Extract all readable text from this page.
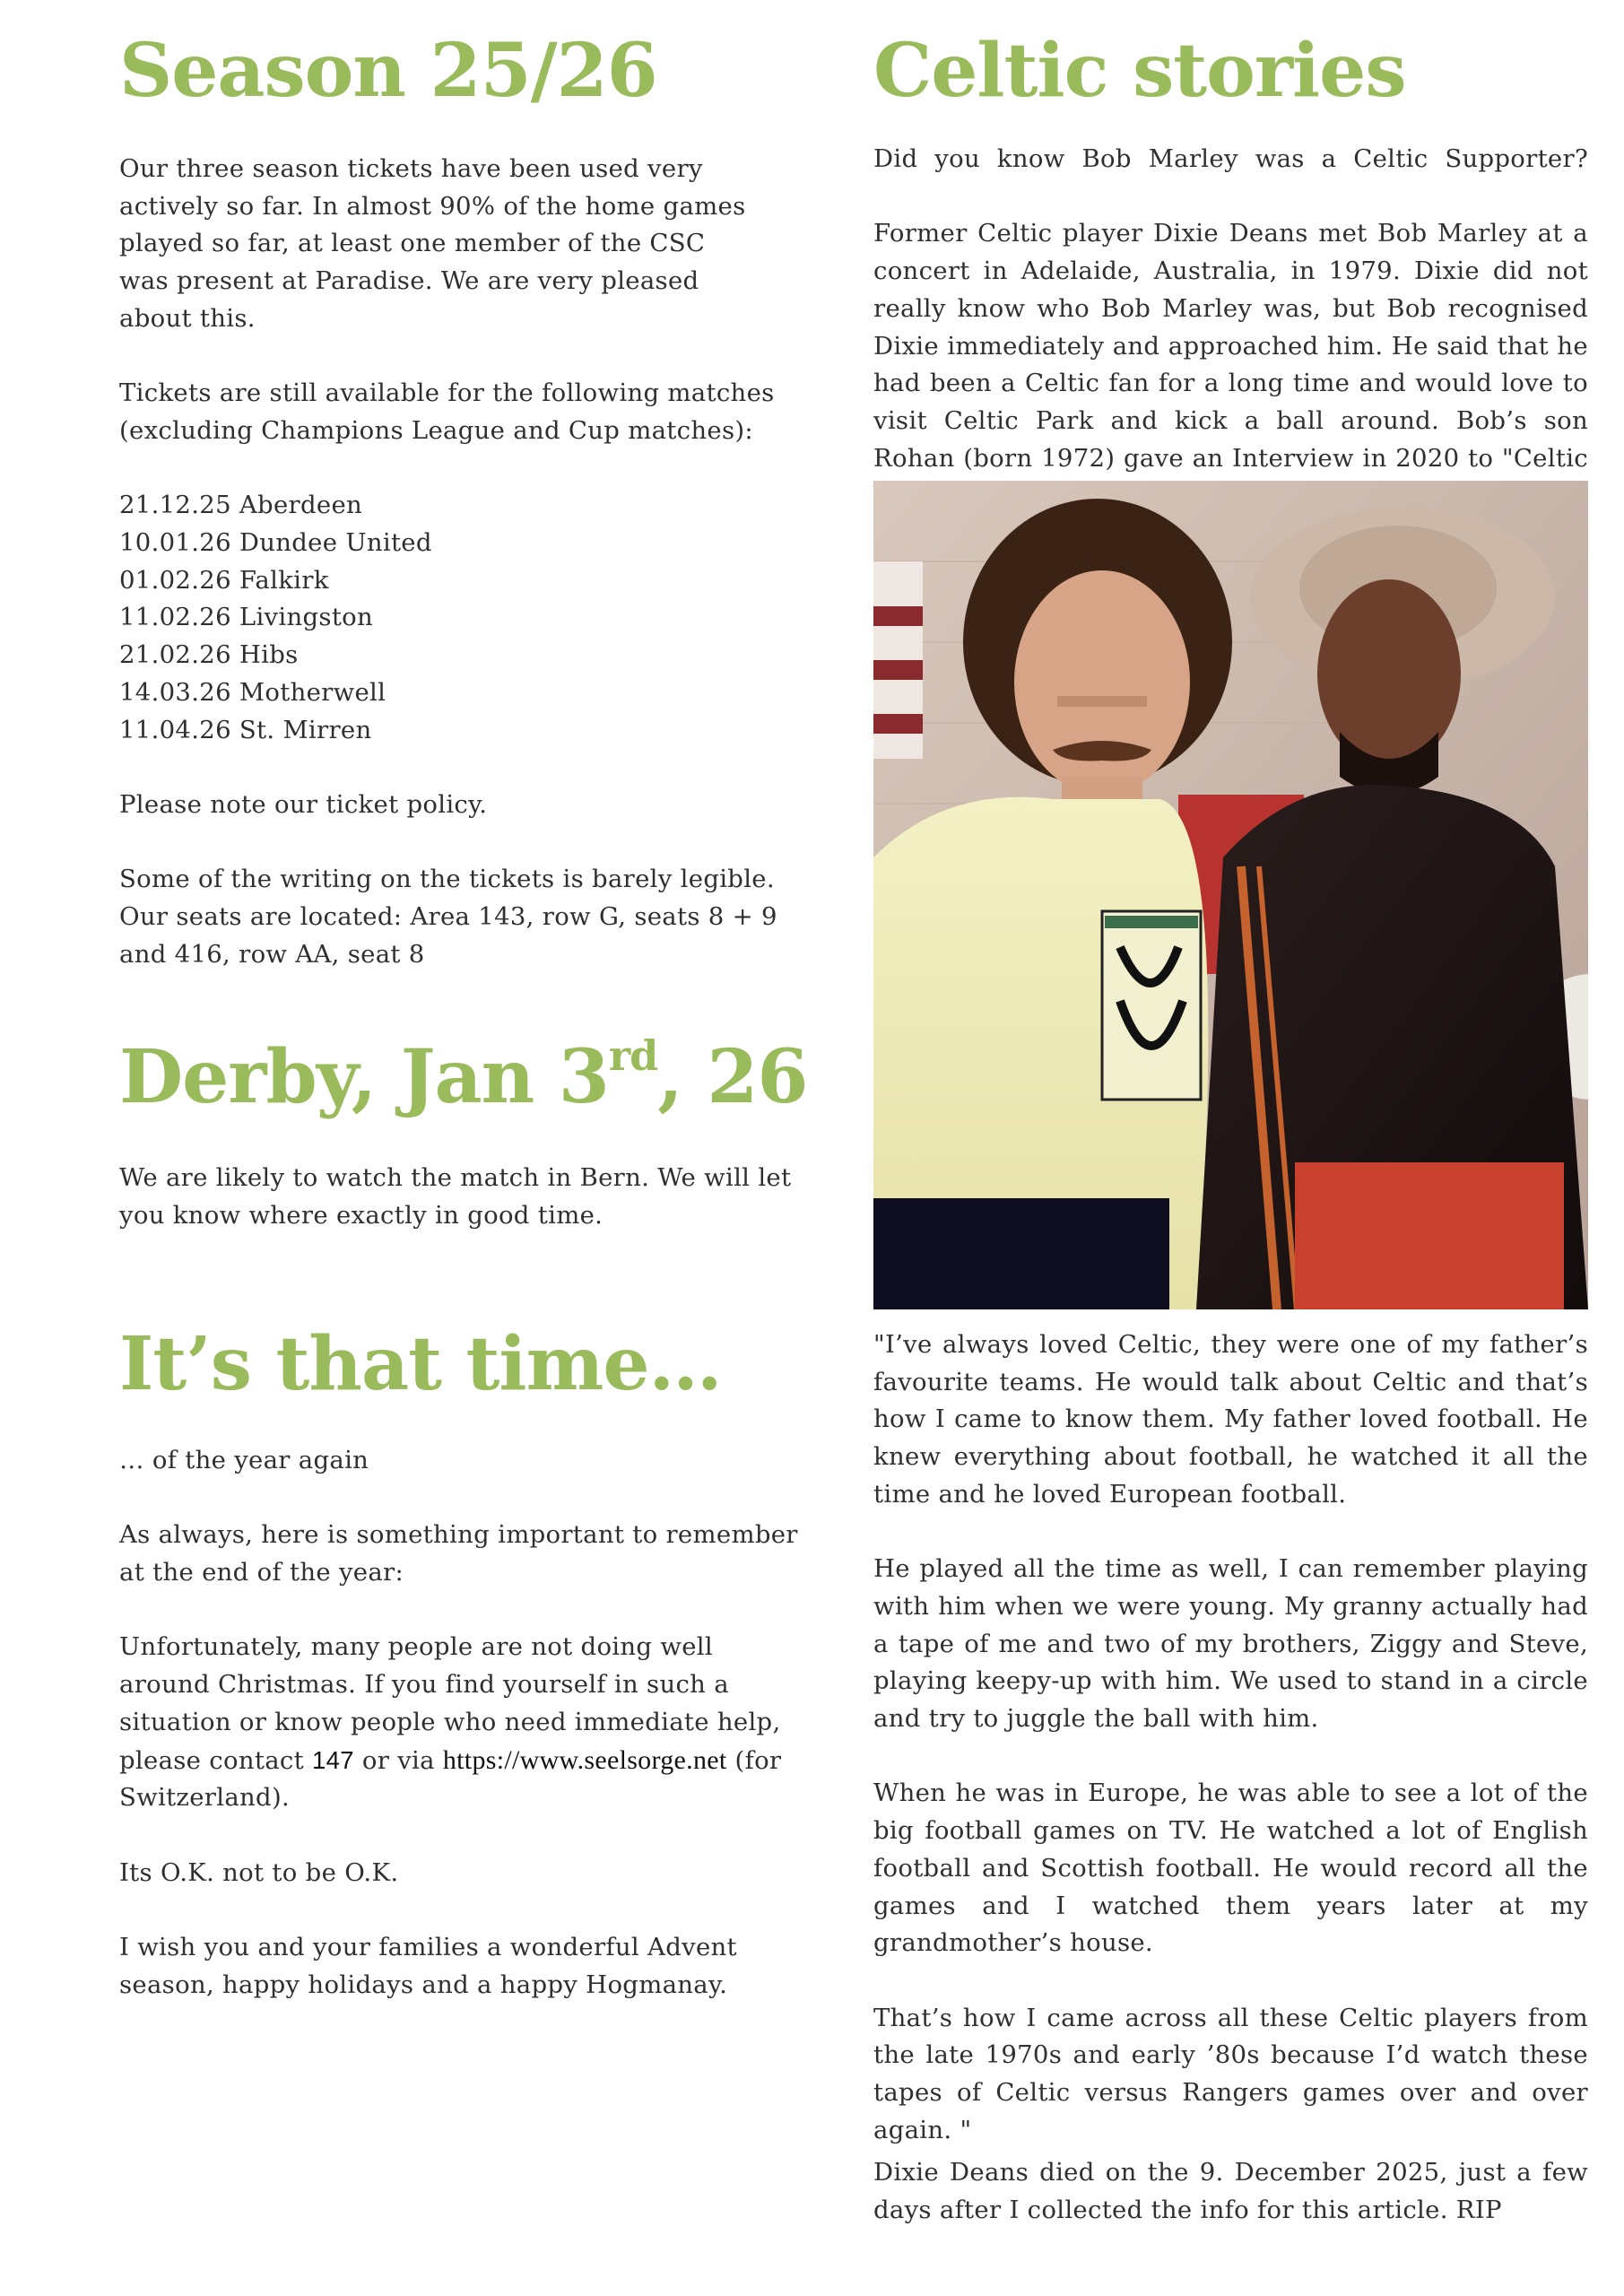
Season 25/26

Our three season tickets have been used very actively so far. In almost 90% of the home games played so far, at least one member of the CSC was present at Paradise. We are very pleased about this.

Tickets are still available for the following matches (excluding Champions League and Cup matches):

21.12.25 Aberdeen
10.01.26 Dundee United
01.02.26 Falkirk
11.02.26 Livingston
21.02.26 Hibs
14.03.26 Motherwell
11.04.26 St. Mirren

Please note our ticket policy.

Some of the writing on the tickets is barely legible. Our seats are located: Area 143, row G, seats 8 + 9 and 416, row AA, seat 8

Derby, Jan 3rd, 26

We are likely to watch the match in Bern. We will let you know where exactly in good time.

It’s that time…

… of the year again

As always, here is something important to remember at the end of the year:

Unfortunately, many people are not doing well around Christmas. If you find yourself in such a situation or know people who need immediate help, please contact 147 or via https://www.seelsorge.net (for Switzerland).

Its O.K. not to be O.K.

I wish you and your families a wonderful Advent season, happy holidays and a happy Hogmanay.

Celtic stories

Did you know Bob Marley was a Celtic Supporter?

Former Celtic player Dixie Deans met Bob Marley at a concert in Adelaide, Australia, in 1979. Dixie did not really know who Bob Marley was, but Bob recognised Dixie immediately and approached him. He said that he had been a Celtic fan for a long time and would love to visit Celtic Park and kick a ball around. Bob’s son Rohan (born 1972) gave an Interview in 2020 to "Celtic

"I’ve always loved Celtic, they were one of my father’s favourite teams. He would talk about Celtic and that’s how I came to know them. My father loved football. He knew everything about football, he watched it all the time and he loved European football.

He played all the time as well, I can remember playing with him when we were young. My granny actually had a tape of me and two of my brothers, Ziggy and Steve, playing keepy-up with him. We used to stand in a circle and try to juggle the ball with him.

When he was in Europe, he was able to see a lot of the big football games on TV. He watched a lot of English football and Scottish football. He would record all the games and I watched them years later at my grandmother’s house.

That’s how I came across all these Celtic players from the late 1970s and early ’80s because I’d watch these tapes of Celtic versus Rangers games over and over again. "

Dixie Deans died on the 9. December 2025, just a few days after I collected the info for this article. RIP
